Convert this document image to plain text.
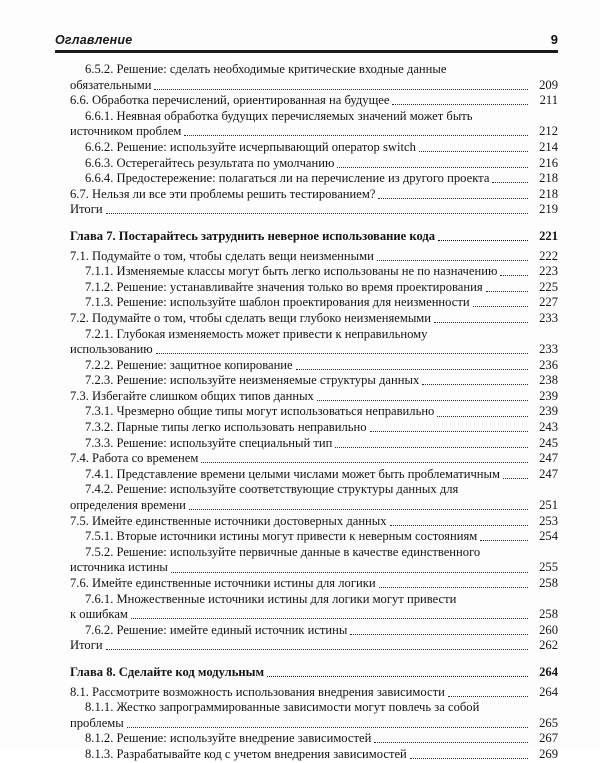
Оглавление	9
6.5.2. Решение: сделать необходимые критические входные данные
обязательными	209
6.6. Обработка перечислений, ориентированная на будущее	211
6.6.1. Неявная обработка будущих перечисляемых значений может быть
источником проблем	212
6.6.2. Решение: используйте исчерпывающий оператор switch	214
6.6.3. Остерегайтесь результата по умолчанию	216
6.6.4. Предостережение: полагаться ли на перечисление из другого проекта	218
6.7. Нельзя ли все эти проблемы решить тестированием?	218
Итоги	219
Глава 7. Постарайтесь затруднить неверное использование кода	221
7.1. Подумайте о том, чтобы сделать вещи неизменными	222
7.1.1. Изменяемые классы могут быть легко использованы не по назначению	223
7.1.2. Решение: устанавливайте значения только во время проектирования	225
7.1.3. Решение: используйте шаблон проектирования для неизменности	227
7.2. Подумайте о том, чтобы сделать вещи глубоко неизменяемыми	233
7.2.1. Глубокая изменяемость может привести к неправильному
использованию	233
7.2.2. Решение: защитное копирование	236
7.2.3. Решение: используйте неизменяемые структуры данных	238
7.3. Избегайте слишком общих типов данных	239
7.3.1. Чрезмерно общие типы могут использоваться неправильно	239
7.3.2. Парные типы легко использовать неправильно	243
7.3.3. Решение: используйте специальный тип	245
7.4. Работа со временем	247
7.4.1. Представление времени целыми числами может быть проблематичным	247
7.4.2. Решение: используйте соответствующие структуры данных для
определения времени	251
7.5. Имейте единственные источники достоверных данных	253
7.5.1. Вторые источники истины могут привести к неверным состояниям	254
7.5.2. Решение: используйте первичные данные в качестве единственного
источника истины	255
7.6. Имейте единственные источники истины для логики	258
7.6.1. Множественные источники истины для логики могут привести
к ошибкам	258
7.6.2. Решение: имейте единый источник истины	260
Итоги	262
Глава 8. Сделайте код модульным	264
8.1. Рассмотрите возможность использования внедрения зависимости	264
8.1.1. Жестко запрограммированные зависимости могут повлечь за собой
проблемы	265
8.1.2. Решение: используйте внедрение зависимостей	267
8.1.3. Разрабатывайте код с учетом внедрения зависимостей	269
